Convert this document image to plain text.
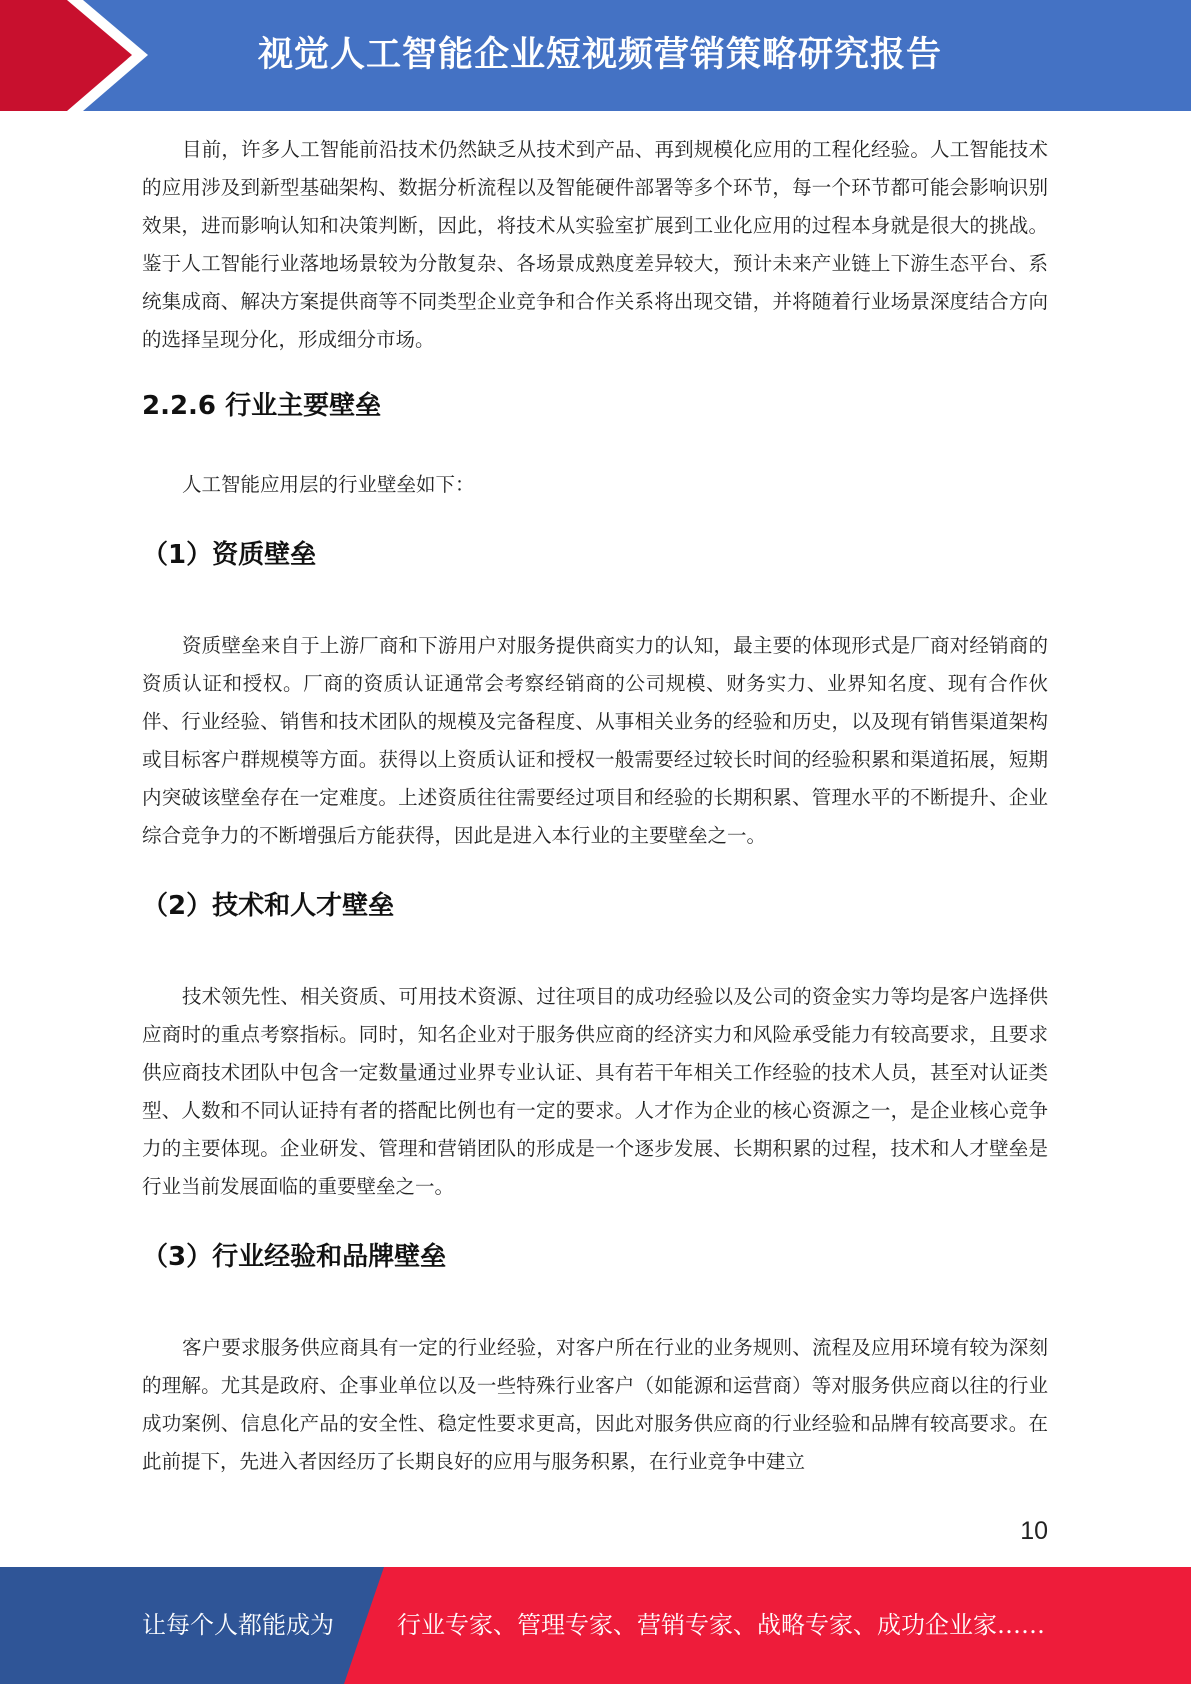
视觉人工智能企业短视频营销策略研究报告

目前，许多人工智能前沿技术仍然缺乏从技术到产品、再到规模化应用的工程化经验。人工智能技术的应用涉及到新型基础架构、数据分析流程以及智能硬件部署等多个环节，每一个环节都可能会影响识别效果，进而影响认知和决策判断，因此，将技术从实验室扩展到工业化应用的过程本身就是很大的挑战。鉴于人工智能行业落地场景较为分散复杂、各场景成熟度差异较大，预计未来产业链上下游生态平台、系统集成商、解决方案提供商等不同类型企业竞争和合作关系将出现交错，并将随着行业场景深度结合方向的选择呈现分化，形成细分市场。

2.2.6 行业主要壁垒

人工智能应用层的行业壁垒如下：

（1）资质壁垒

资质壁垒来自于上游厂商和下游用户对服务提供商实力的认知，最主要的体现形式是厂商对经销商的资质认证和授权。厂商的资质认证通常会考察经销商的公司规模、财务实力、业界知名度、现有合作伙伴、行业经验、销售和技术团队的规模及完备程度、从事相关业务的经验和历史，以及现有销售渠道架构或目标客户群规模等方面。获得以上资质认证和授权一般需要经过较长时间的经验积累和渠道拓展，短期内突破该壁垒存在一定难度。上述资质往往需要经过项目和经验的长期积累、管理水平的不断提升、企业综合竞争力的不断增强后方能获得，因此是进入本行业的主要壁垒之一。

（2）技术和人才壁垒

技术领先性、相关资质、可用技术资源、过往项目的成功经验以及公司的资金实力等均是客户选择供应商时的重点考察指标。同时，知名企业对于服务供应商的经济实力和风险承受能力有较高要求，且要求供应商技术团队中包含一定数量通过业界专业认证、具有若干年相关工作经验的技术人员，甚至对认证类型、人数和不同认证持有者的搭配比例也有一定的要求。人才作为企业的核心资源之一，是企业核心竞争力的主要体现。企业研发、管理和营销团队的形成是一个逐步发展、长期积累的过程，技术和人才壁垒是行业当前发展面临的重要壁垒之一。

（3）行业经验和品牌壁垒

客户要求服务供应商具有一定的行业经验，对客户所在行业的业务规则、流程及应用环境有较为深刻的理解。尤其是政府、企事业单位以及一些特殊行业客户（如能源和运营商）等对服务供应商以往的行业成功案例、信息化产品的安全性、稳定性要求更高，因此对服务供应商的行业经验和品牌有较高要求。在此前提下，先进入者因经历了长期良好的应用与服务积累，在行业竞争中建立

10
让每个人都能成为	行业专家、管理专家、营销专家、战略专家、成功企业家……
